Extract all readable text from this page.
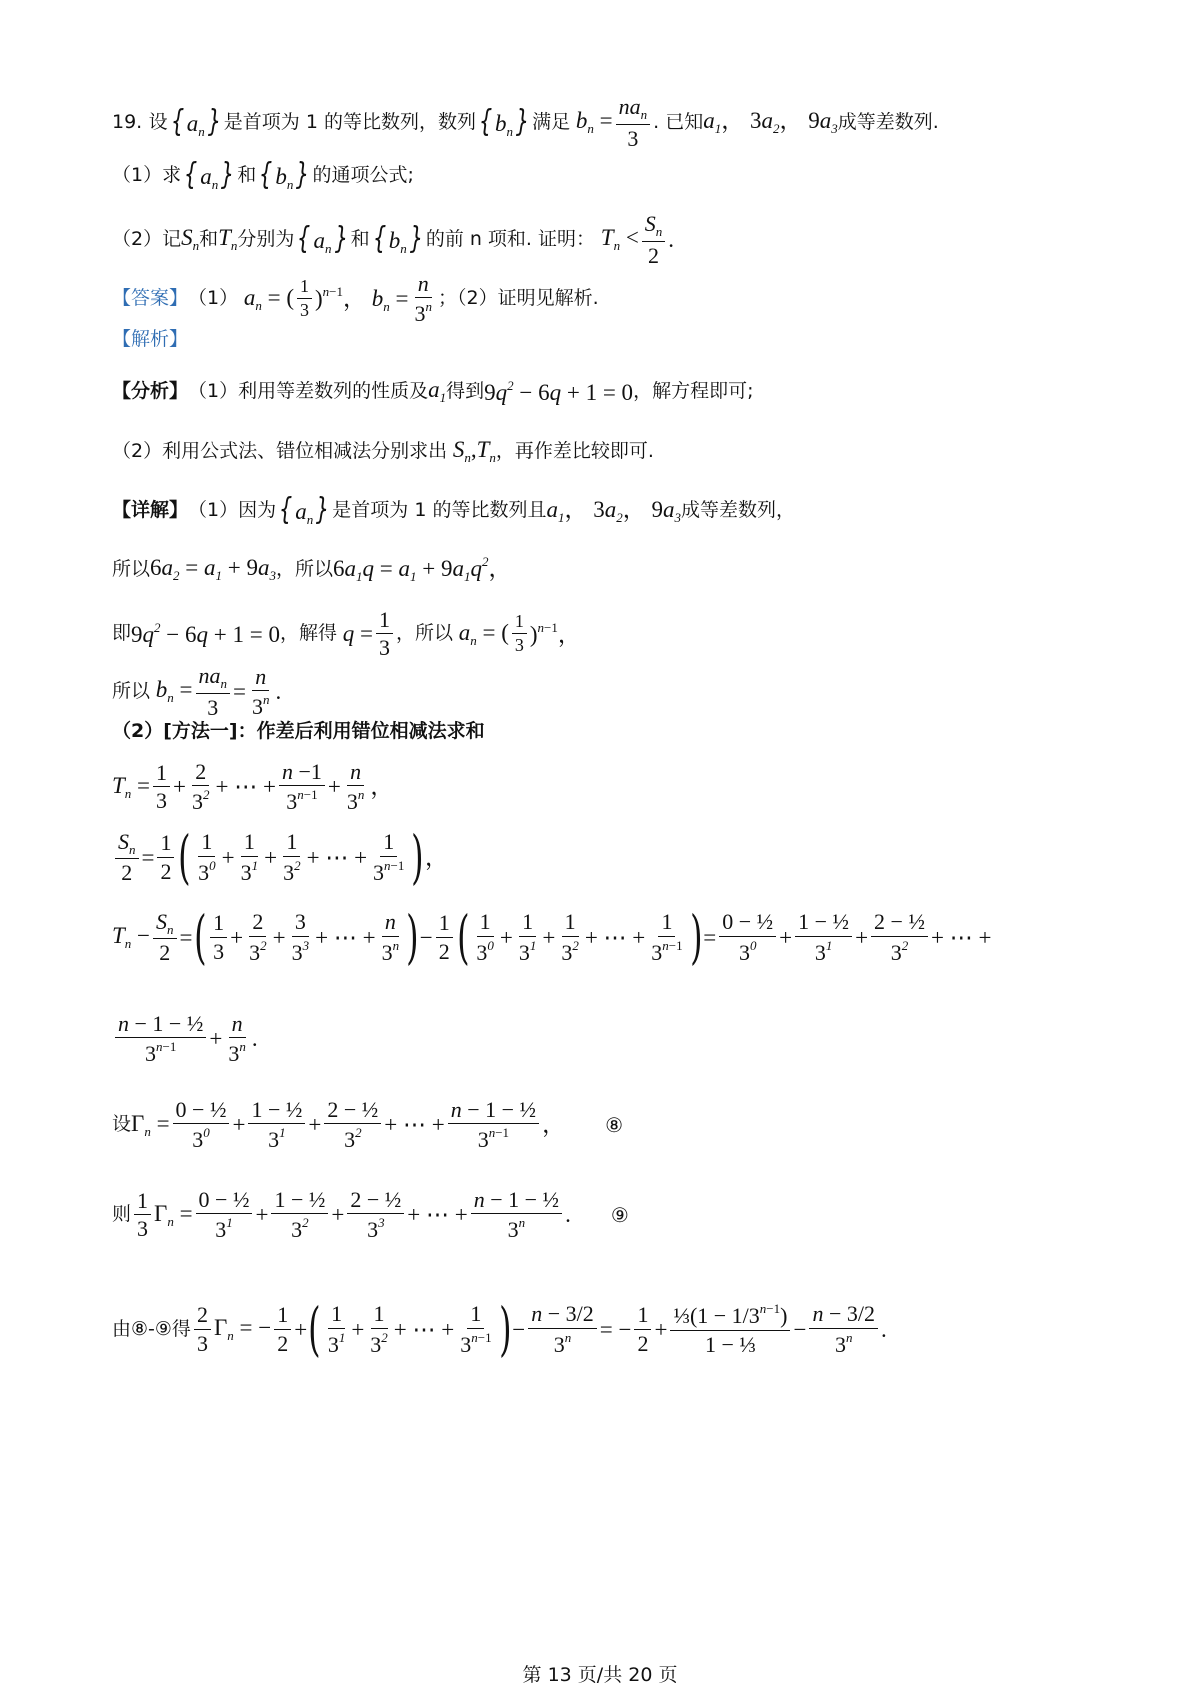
19.
设 { $a_n$} 是首项为 1 的等比数列，数列 { $b_n$} 满足 $b_n = \frac{na_n}{3}$ . 已知 $a_1$， $3a_2$， $9a_3$ 成等差数列.
（1）求 { $a_n$} 和 { $b_n$} 的通项公式;
（2）记 $S_n$ 和 $T_n$ 分别为 { $a_n$} 和 { $b_n$} 的前 n 项和. 证明： $T_n < \frac{S_n}{2}$ .
【答案】 （1） $a_n$ = ( $\frac{1}{3} )^{n-1}$， $b_n = \frac{n}{3^n}$ ；（2）证明见解析.
【解析】
【分析】 （1）利用等差数列的性质及 $a_1$ 得到 $9q^2 - 6q + 1 = 0$ ，解方程即可;
（2）利用公式法、错位相减法分别求出 $S_n,T_n$ ，再作差比较即可.
【详解】 （1）因为 { $a_n$} 是首项为 1 的等比数列且 $a_1$， $3a_2$， $9a_3$ 成等差数列，
所以 $6a_2 = a_1 + 9a_3$ ，所以 $6a_1q = a_1 + 9a_1q^2$，
即 $9q^2 - 6q + 1 = 0$ ，解得 $q = \frac{1}{3}$ ，所以 $a_n$ = ( $\frac{1}{3} )^{n-1}$，
所以 $b_n = \frac{na_n}{3} = \frac{n}{3^n}$ .
（2）[方法一]：作差后利用错位相减法求和
$T_n = \frac{1}{3} + \frac{2}{3^2}$ + ⋯ + $\frac{n -1}{3^{n-1}} + \frac{n}{3^n}$ ，
$\frac{S_n}{2} = \frac{1}{2}$ ( $\frac{1}{3^0} + \frac{1}{3^1} + \frac{1}{3^2}$ + ⋯ + $\frac{1}{3^{n-1}}$ ) ，
$T_n - \frac{S_n}{2}$ = ( $\frac{1}{3} + \frac{2}{3^2} + \frac{3}{3^3}$ + ⋯ + $\frac{n}{3^n}$ ) − $\frac{1}{2}$ ( $\frac{1}{3^0} + \frac{1}{3^1} + \frac{1}{3^2}$ + ⋯ + $\frac{1}{3^{n-1}}$ ) = $\frac{\text{0 − ½}}{3^0} + \frac{\text{1 − ½}}{3^1} + \frac{\text{2 − ½}}{3^2}$ + ⋯ +
$\frac{\text{n − 1 − ½}}{3^{n-1}} + \frac{n}{3^n}$ .
设 $\Gamma_n = \frac{\text{0 − ½}}{3^0} + \frac{\text{1 − ½}}{3^1} + \frac{\text{2 − ½}}{3^2}$ + ⋯ + $\frac{\text{n − 1 − ½}}{3^{n-1}}$ ， ⑧
则 $\frac{1}{3} \Gamma_n = \frac{\text{0 − ½}}{3^1} + \frac{\text{1 − ½}}{3^2} + \frac{\text{2 − ½}}{3^3}$ + ⋯ + $\frac{\text{n − 1 − ½}}{3^n}$ . ⑨
由⑧-⑨得 $\frac{2}{3} \Gamma_n$ = − $\frac{1}{2}$ + ( $\frac{1}{3^1} + \frac{1}{3^2}$ + ⋯ + $\frac{1}{3^{n-1}}$ ) − $\frac{n - 3/2}{3^n}$ = − $\frac{1}{2} + \frac{\frac{1}{3}(1 - 1/3^{n-1})}{\text{1 − ⅓}} - \frac{n - 3/2}{3^n}$ .
第 13 页/共 20 页
